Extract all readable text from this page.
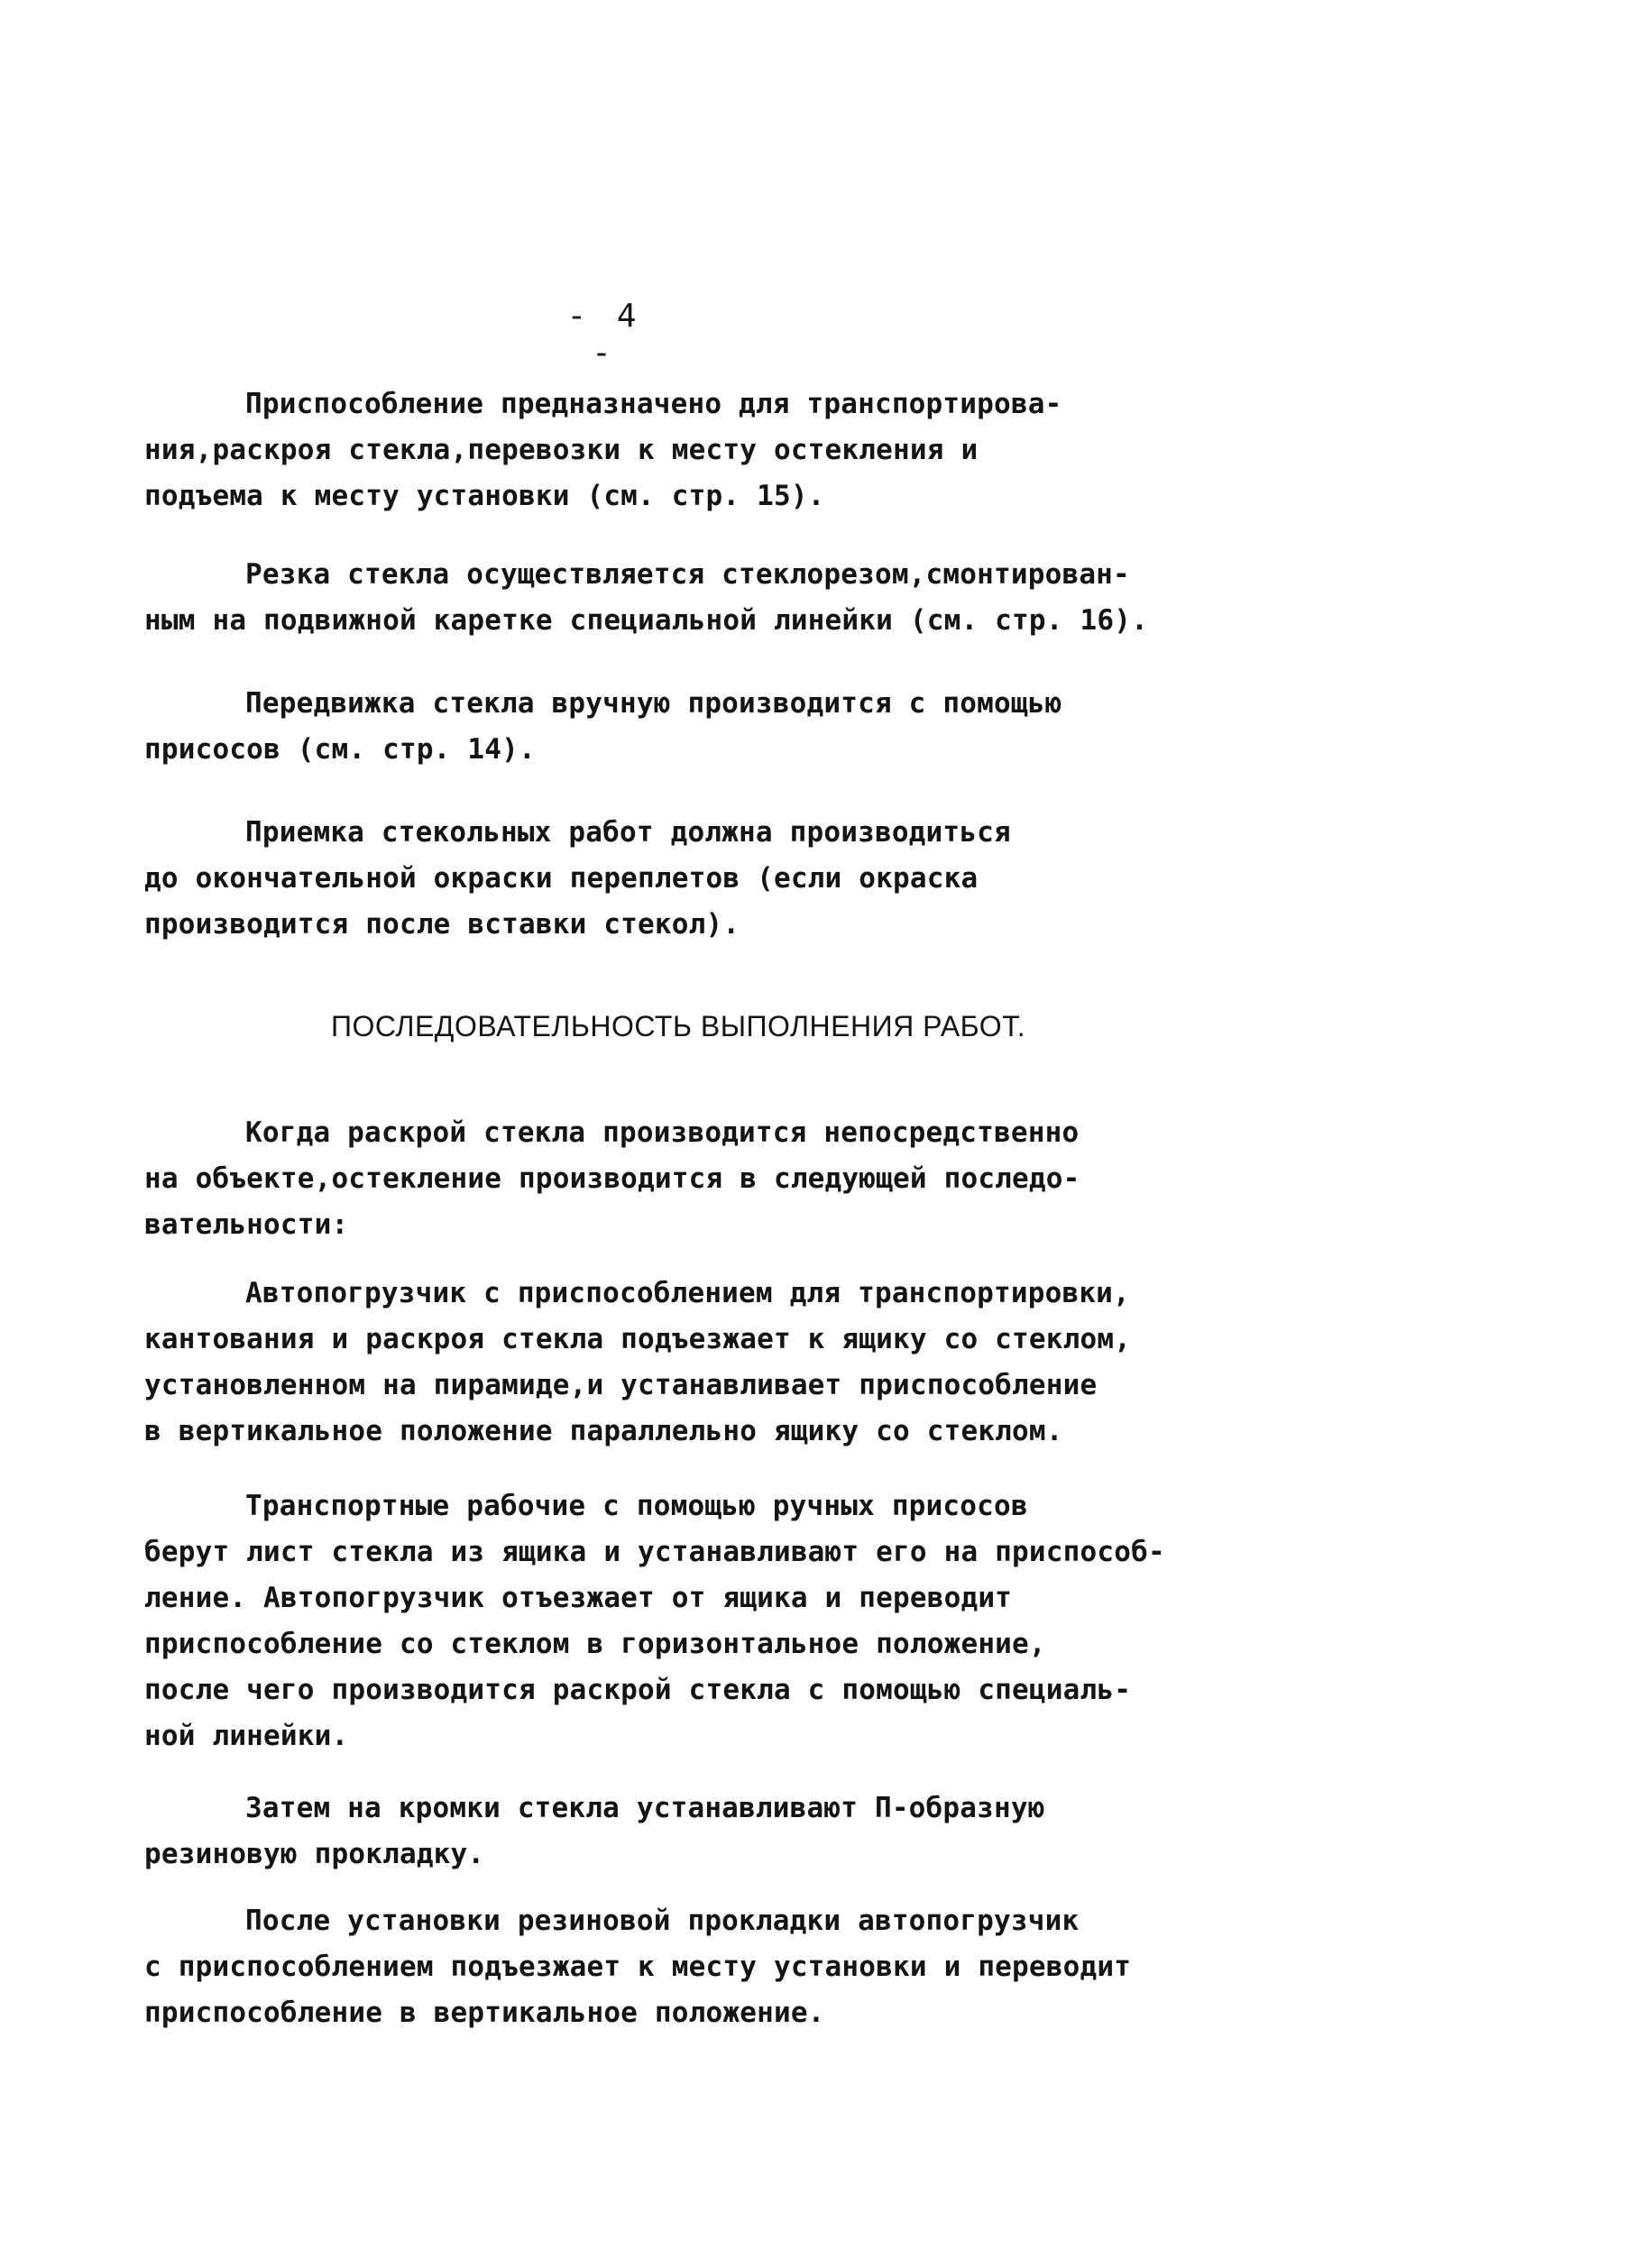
- 4 -
Приспособление предназначено для транспортирова-
ния,раскроя стекла,перевозки к месту остекления и
подъема к месту установки (см. стр. 15).
Резка стекла осуществляется стеклорезом,смонтирован-
ным на подвижной каретке специальной линейки (см. стр. 16).
Передвижка стекла вручную производится с помощью
присосов (см. стр. 14).
Приемка стекольных работ должна производиться
до окончательной окраски переплетов (если окраска
производится после вставки стекол).
ПОСЛЕДОВАТЕЛЬНОСТЬ ВЫПОЛНЕНИЯ РАБОТ.
Когда раскрой стекла производится непосредственно
на объекте,остекление производится в следующей последо-
вательности:
Автопогрузчик с приспособлением для транспортировки,
кантования и раскроя стекла подъезжает к ящику со стеклом,
установленном на пирамиде,и устанавливает приспособление
в вертикальное положение параллельно ящику со стеклом.
Транспортные рабочие с помощью ручных присосов
берут лист стекла из ящика и устанавливают его на приспособ-
ление. Автопогрузчик отъезжает от ящика и переводит
приспособление со стеклом в горизонтальное положение,
после чего производится раскрой стекла с помощью специаль-
ной линейки.
Затем на кромки стекла устанавливают П-образную
резиновую прокладку.
После установки резиновой прокладки автопогрузчик
с приспособлением подъезжает к месту установки и переводит
приспособление в вертикальное положение.
